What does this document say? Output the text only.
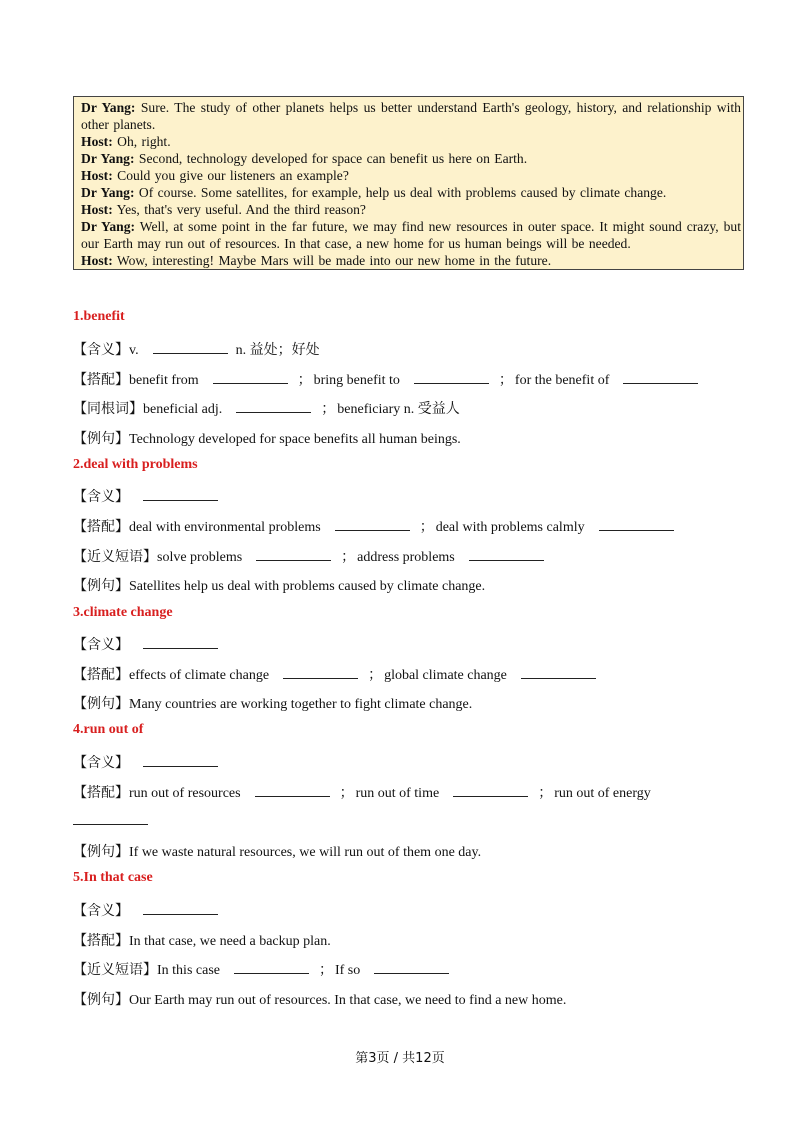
Dr Yang: Sure. The study of other planets helps us better understand Earth's geology, history, and relationship with other planets.

Host: Oh, right.

Dr Yang: Second, technology developed for space can benefit us here on Earth.

Host: Could you give our listeners an example?

Dr Yang: Of course. Some satellites, for example, help us deal with problems caused by climate change.

Host: Yes, that's very useful. And the third reason?

Dr Yang: Well, at some point in the far future, we may find new resources in outer space. It might sound crazy, but our Earth may run out of resources. In that case, a new home for us human beings will be needed.

Host: Wow, interesting! Maybe Mars will be made into our new home in the future.

1.benefit

【含义】v.	n. 益处；好处
【搭配】benefit from	； bring benefit to	； for the benefit of
【同根词】beneficial adj.	； beneficiary n. 受益人
【例句】Technology developed for space benefits all human beings.

2.deal with problems

【含义】
【搭配】deal with environmental problems	； deal with problems calmly
【近义短语】solve problems	； address problems
【例句】Satellites help us deal with problems caused by climate change.

3.climate change

【含义】
【搭配】effects of climate change	； global climate change
【例句】Many countries are working together to fight climate change.

4.run out of

【含义】
【搭配】run out of resources	； run out of time	； run out of energy
【例句】If we waste natural resources, we will run out of them one day.

5.In that case

【含义】
【搭配】In that case, we need a backup plan.
【近义短语】In this case	； If so
【例句】Our Earth may run out of resources. In that case, we need to find a new home.
第3页 / 共12页
